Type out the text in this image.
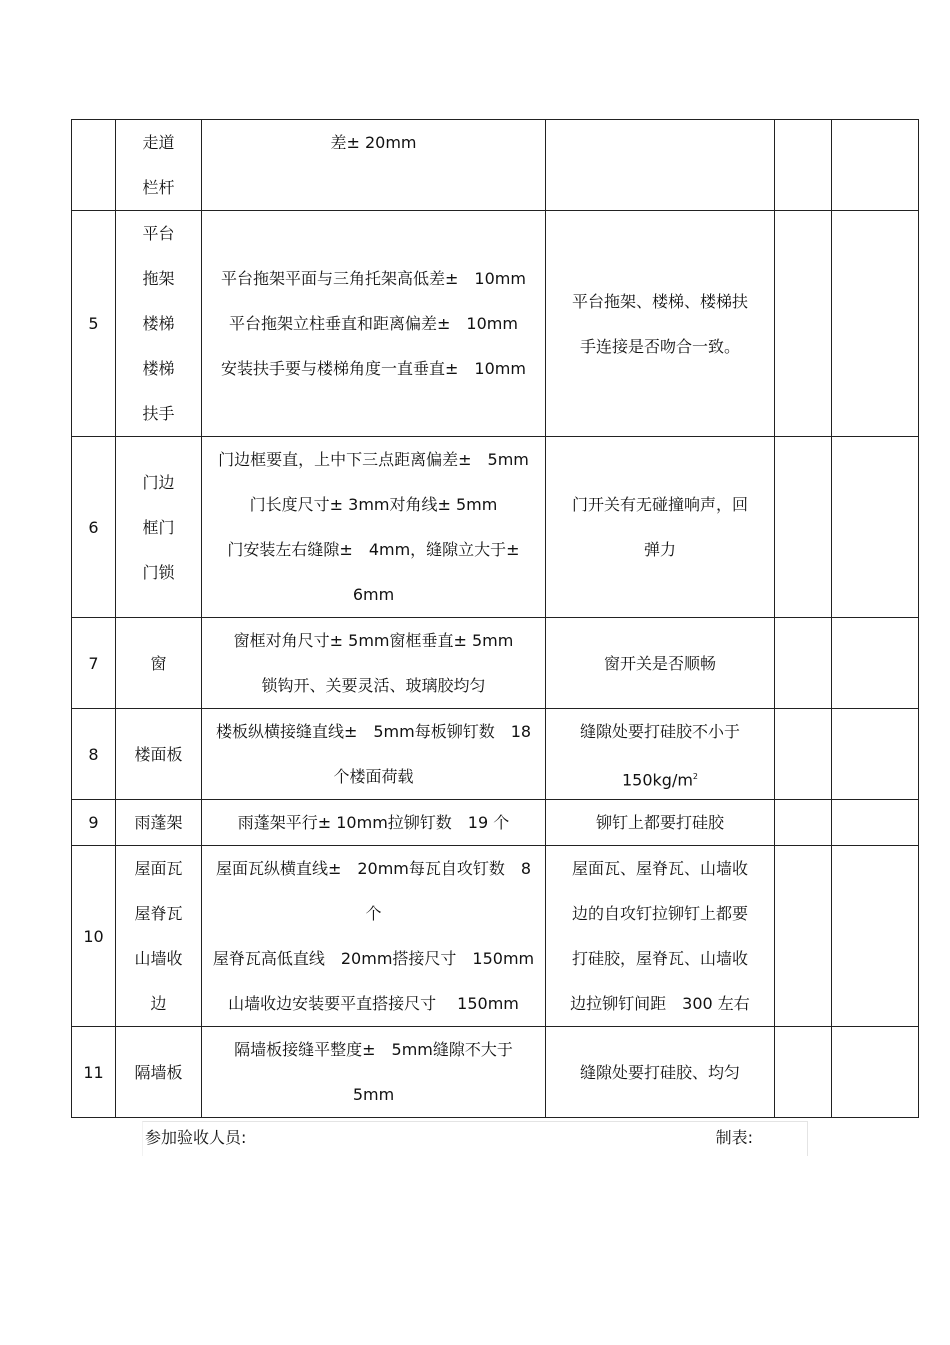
	走道
栏杆	差± 20mm			

5	平台
拖架
楼梯
楼梯
扶手	平台拖架平面与三角托架高低差±　10mm
平台拖架立柱垂直和距离偏差±　10mm
安装扶手要与楼梯角度一直垂直±　10mm	平台拖架、楼梯、楼梯扶
手连接是否吻合一致。		

6	门边
框门
门锁	门边框要直，上中下三点距离偏差±　5mm
门长度尺寸± 3mm对角线± 5mm
门安装左右缝隙±　4mm，缝隙立大于±
6mm	门开关有无碰撞响声，回
弹力		

7	窗	窗框对角尺寸± 5mm窗框垂直± 5mm
锁钩开、关要灵活、玻璃胶均匀	窗开关是否顺畅		

8	楼面板	楼板纵横接缝直线±　5mm每板铆钉数　18
个楼面荷载	缝隙处要打硅胶不小于
$150kg/m^2$

9	雨蓬架	雨蓬架平行± 10mm拉铆钉数　19 个	铆钉上都要打硅胶		

10	屋面瓦
屋脊瓦
山墙收
边	屋面瓦纵横直线±　20mm每瓦自攻钉数　8
个
屋脊瓦高低直线　20mm搭接尺寸　150mm
山墙收边安装要平直搭接尺寸　 150mm	屋面瓦、屋脊瓦、山墙收
边的自攻钉拉铆钉上都要
打硅胶，屋脊瓦、山墙收
边拉铆钉间距　300 左右		

11	隔墙板	隔墙板接缝平整度±　5mm缝隙不大于
5mm	缝隙处要打硅胶、均匀		

参加验收人员:	制表:
